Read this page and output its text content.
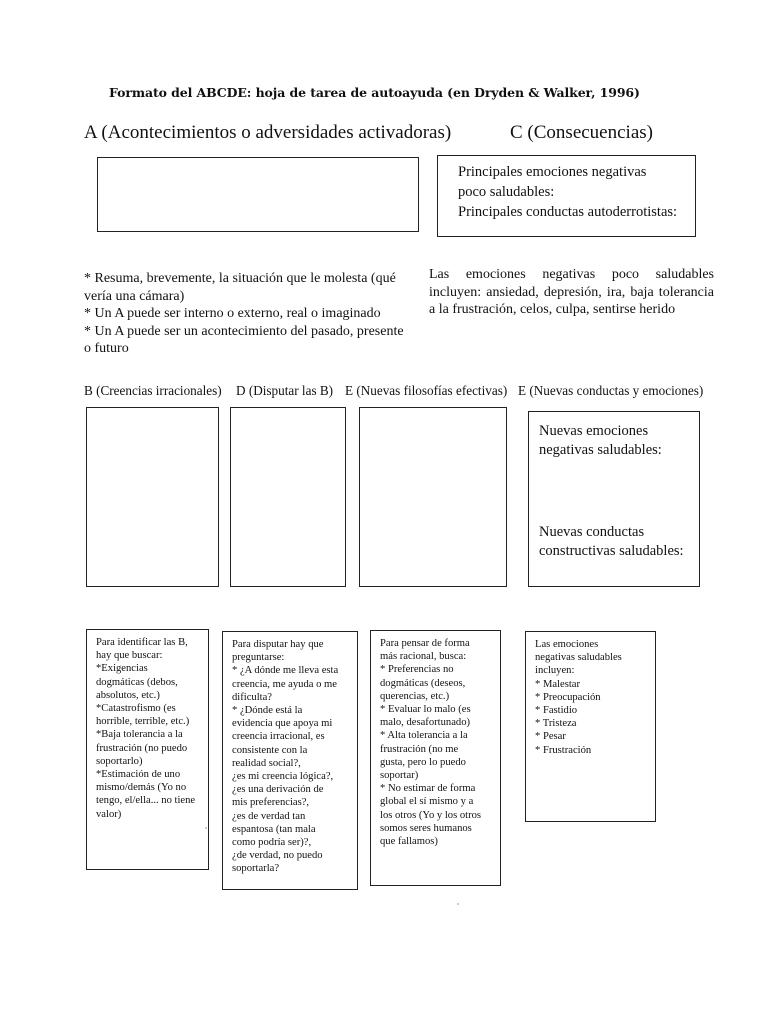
Formato del ABCDE: hoja de tarea de autoayuda (en Dryden & Walker, 1996)
A (Acontecimientos o adversidades activadoras)	C (Consecuencias)
Principales emociones negativas
poco saludables:
Principales conductas autoderrotistas:
* Resuma, brevemente, la situación que le molesta (qué vería una cámara)
* Un A puede ser interno o externo, real o imaginado
* Un A puede ser un acontecimiento del pasado, presente o futuro
Las emociones negativas poco saludables incluyen: ansiedad, depresión, ira, baja tolerancia a la frustración, celos, culpa, sentirse herido
B (Creencias irracionales) D (Disputar las B) E (Nuevas filosofías efectivas) E (Nuevas conductas y emociones)
Nuevas emociones
negativas saludables:
Nuevas conductas
constructivas saludables:
Para identificar las B,
hay que buscar:
*Exigencias
dogmáticas (debos,
absolutos, etc.)
*Catastrofismo (es
horrible, terrible, etc.)
*Baja tolerancia a la
frustración (no puedo
soportarlo)
*Estimación de uno
mismo/demás (Yo no
tengo, el/ella... no tiene
valor)
Para disputar hay que
preguntarse:
* ¿A dónde me lleva esta
creencia, me ayuda o me
dificulta?
* ¿Dónde está la
evidencia que apoya mi
creencia irracional, es
consistente con la
realidad social?,
¿es mi creencia lógica?,
¿es una derivación de
mis preferencias?,
¿es de verdad tan
espantosa (tan mala
como podría ser)?,
¿de verdad, no puedo
soportarla?
Para pensar de forma
más racional, busca:
* Preferencias no
dogmáticas (deseos,
querencias, etc.)
* Evaluar lo malo (es
malo, desafortunado)
* Alta tolerancia a la
frustración (no me
gusta, pero lo puedo
soportar)
* No estimar de forma
global el sí mismo y a
los otros (Yo y los otros
somos seres humanos
que fallamos)
Las emociones
negativas saludables
incluyen:
* Malestar
* Preocupación
* Fastidio
* Tristeza
* Pesar
* Frustración
